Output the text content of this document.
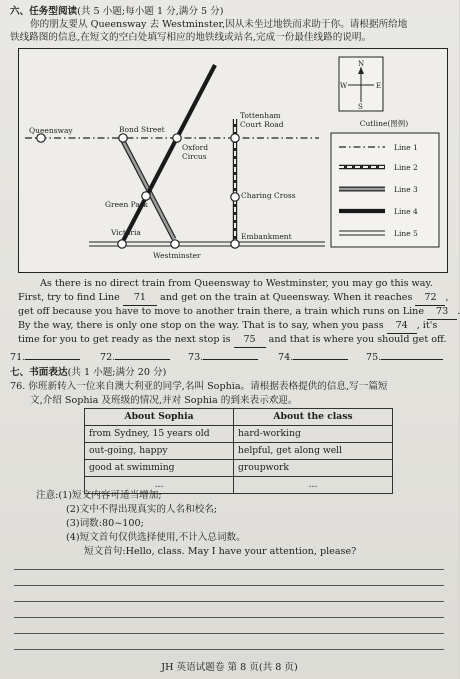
六、任务型阅读(共 5 小题;每小题 1 分,满分 5 分)
你的朋友要从 Queensway 去 Westminster,因从未坐过地铁而求助于你。请根据所给地
铁线路图的信息,在短文的空白处填写相应的地铁线或站名,完成一份最佳线路的说明。
Queensway	Bond Street
Tottenham
Court Road
Oxford
Circus
Green Park
Charing Cross
Victoria	Embankment
Westminster
N
S
W	E
Cutline(图例)
Line 1
Line 2
Line 3
Line 4
Line 5
As there is no direct train from Queensway to Westminster, you may go this way.
First, try to find Line 71 and get on the train at Queensway. When it reaches 72 ,
get off because you have to move to another train there, a train which runs on Line 73 .
By the way, there is only one stop on the way. That is to say, when you pass 74 , it's
time for you to get ready as the next stop is 75 and that is where you should get off.
71.	72.	73.	74.	75.
七、书面表达(共 1 小题;满分 20 分)
76. 你班新转入一位来自澳大利亚的同学,名叫 Sophia。请根据表格提供的信息,写一篇短
文,介绍 Sophia 及班级的情况,并对 Sophia 的到来表示欢迎。
About Sophia	About the class
from Sydney, 15 years old	hard-working
out-going, happy	helpful, get along well
good at swimming	groupwork
...	...
注意:(1)短文内容可适当增加;
(2)文中不得出现真实的人名和校名;
(3)词数:80~100;
(4)短文首句仅供选择使用,不计入总词数。
短文首句:Hello, class. May I have your attention, please?
JH 英语试题卷 第 8 页(共 8 页)
